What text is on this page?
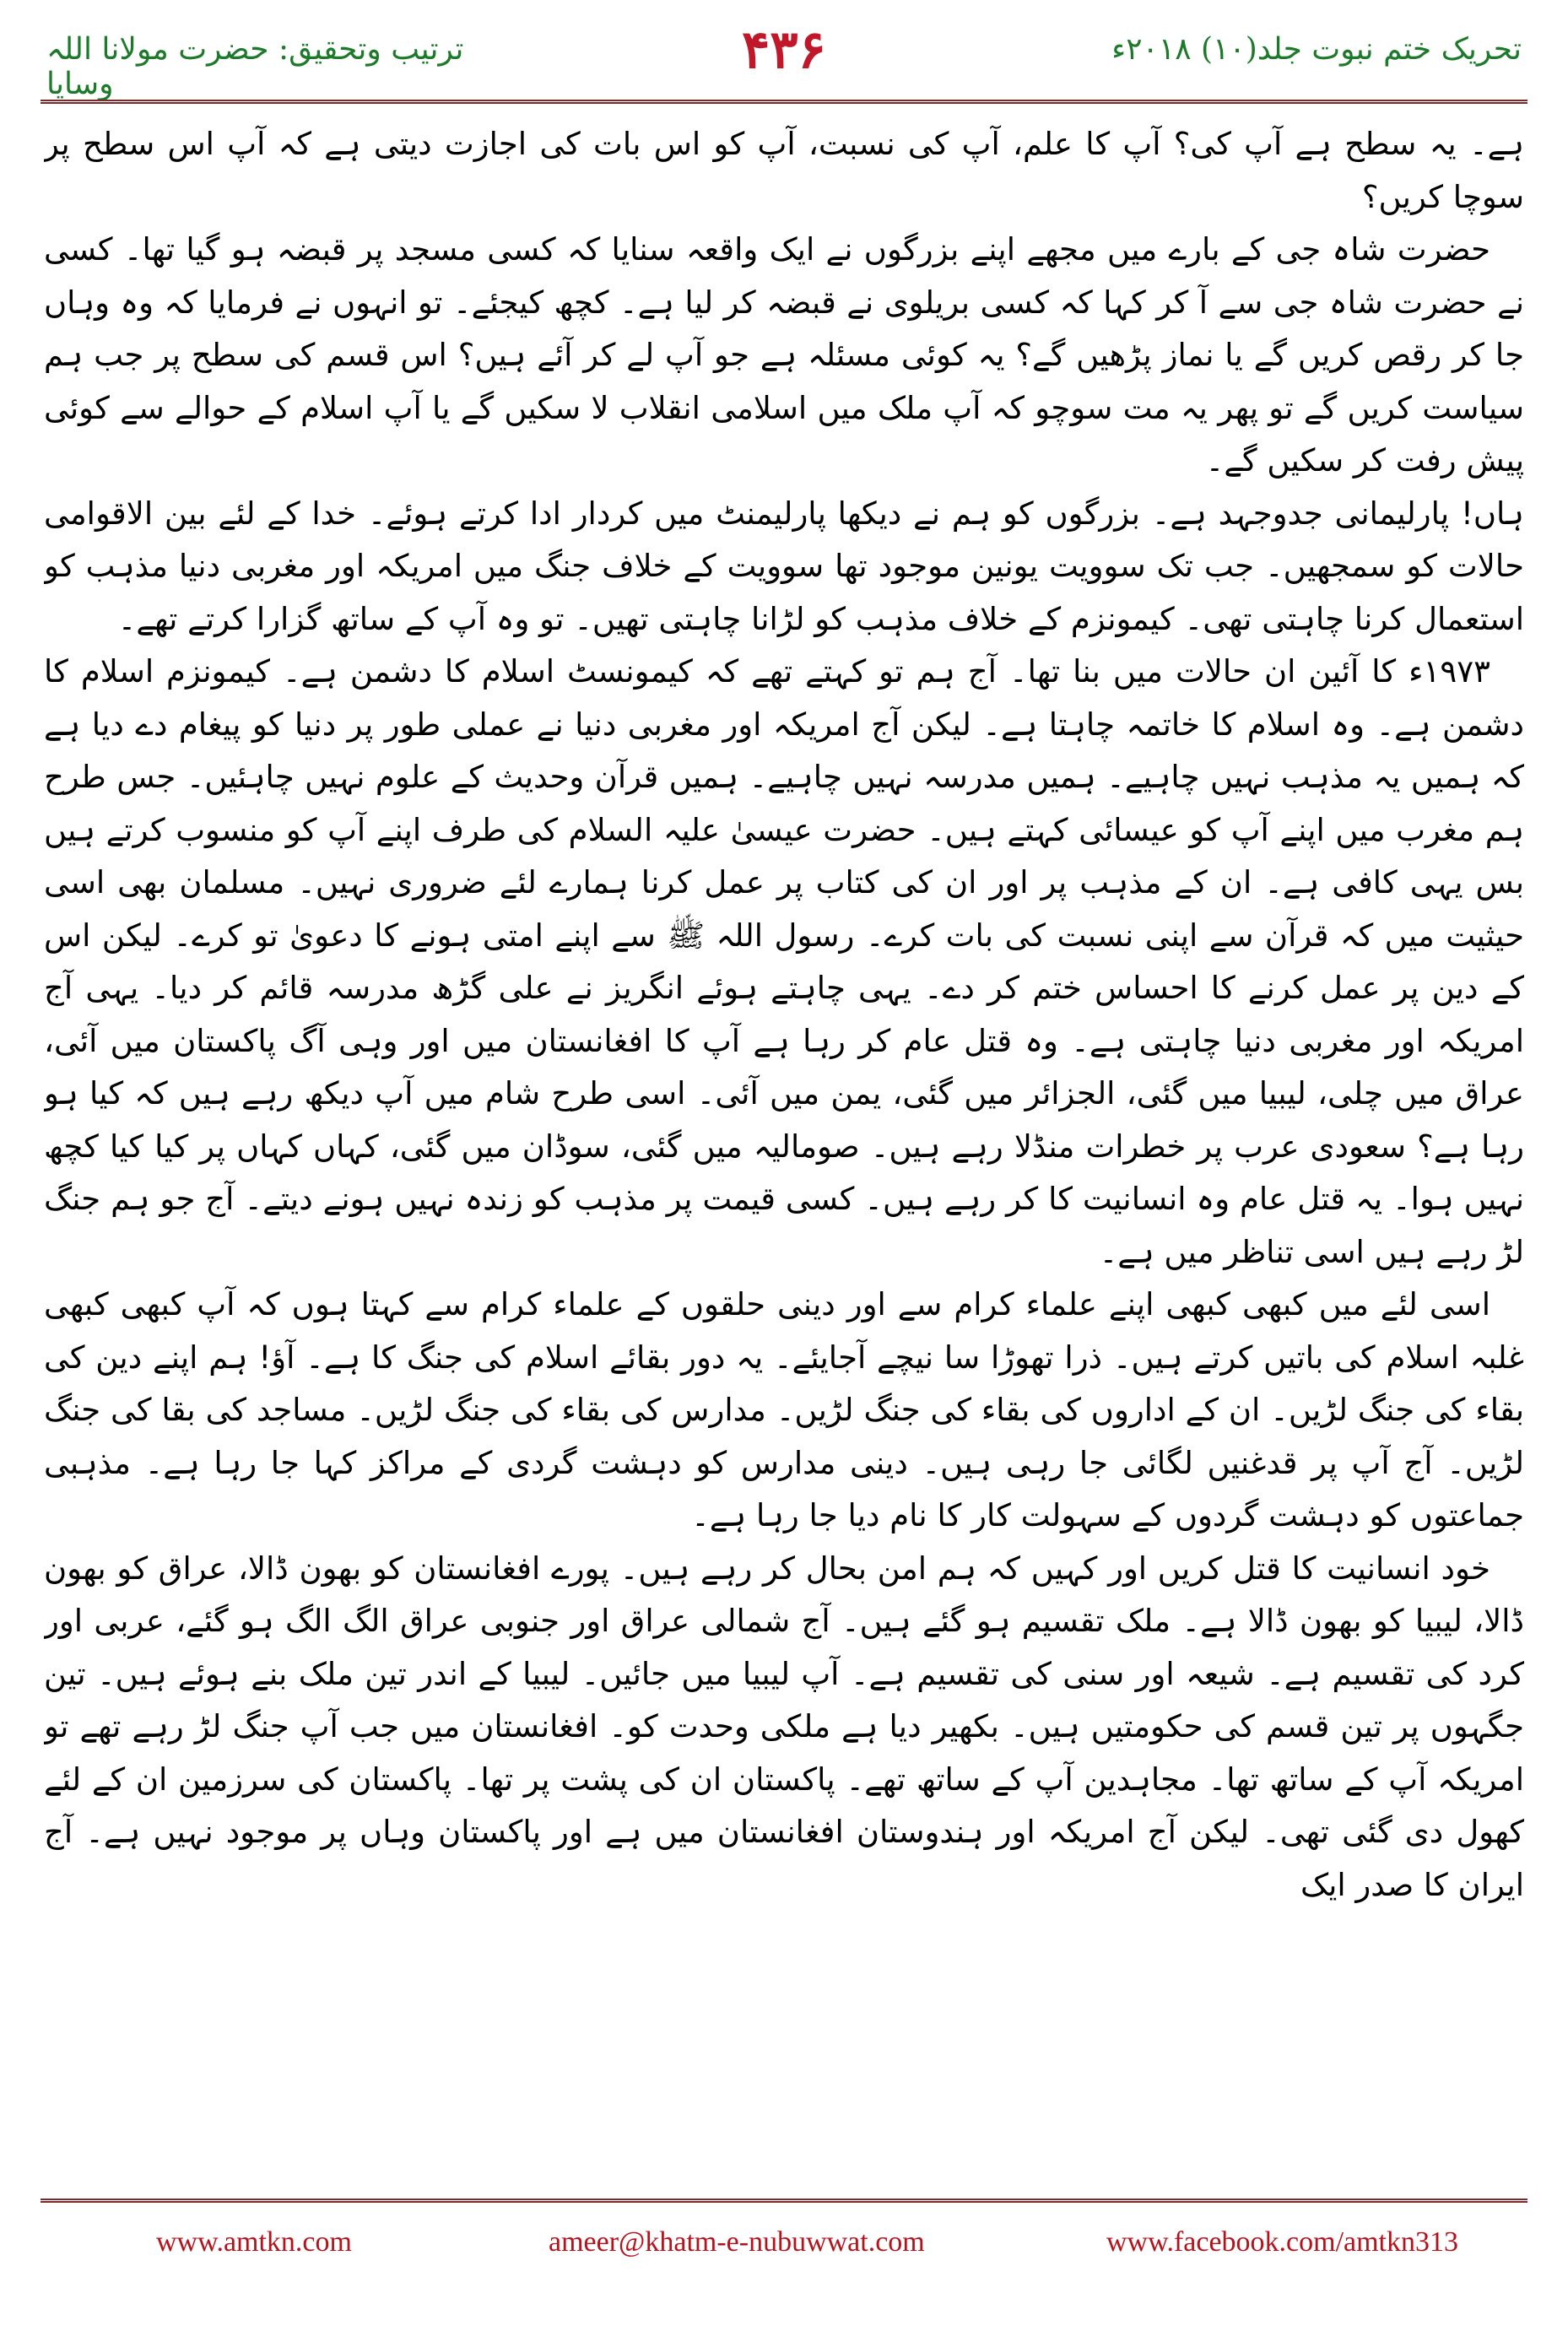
ترتیب وتحقیق: حضرت مولانا اللہ وسایا
۴۳۶	تحریک ختم نبوت جلد(۱۰) ۲۰۱۸ء

ہے۔ یہ سطح ہے آپ کی؟ آپ کا علم، آپ کی نسبت، آپ کو اس بات کی اجازت دیتی ہے کہ آپ اس سطح پر سوچا کریں؟

حضرت شاہ جی کے بارے میں مجھے اپنے بزرگوں نے ایک واقعہ سنایا کہ کسی مسجد پر قبضہ ہو گیا تھا۔ کسی نے حضرت شاہ جی سے آ کر کہا کہ کسی بریلوی نے قبضہ کر لیا ہے۔ کچھ کیجئے۔ تو انہوں نے فرمایا کہ وہ وہاں جا کر رقص کریں گے یا نماز پڑھیں گے؟ یہ کوئی مسئلہ ہے جو آپ لے کر آئے ہیں؟ اس قسم کی سطح پر جب ہم سیاست کریں گے تو پھر یہ مت سوچو کہ آپ ملک میں اسلامی انقلاب لا سکیں گے یا آپ اسلام کے حوالے سے کوئی پیش رفت کر سکیں گے۔

ہاں! پارلیمانی جدوجہد ہے۔ بزرگوں کو ہم نے دیکھا پارلیمنٹ میں کردار ادا کرتے ہوئے۔ خدا کے لئے بین الاقوامی حالات کو سمجھیں۔ جب تک سوویت یونین موجود تھا سوویت کے خلاف جنگ میں امریکہ اور مغربی دنیا مذہب کو استعمال کرنا چاہتی تھی۔ کیمونزم کے خلاف مذہب کو لڑانا چاہتی تھیں۔ تو وہ آپ کے ساتھ گزارا کرتے تھے۔

۱۹۷۳ء کا آئین ان حالات میں بنا تھا۔ آج ہم تو کہتے تھے کہ کیمونسٹ اسلام کا دشمن ہے۔ کیمونزم اسلام کا دشمن ہے۔ وہ اسلام کا خاتمہ چاہتا ہے۔ لیکن آج امریکہ اور مغربی دنیا نے عملی طور پر دنیا کو پیغام دے دیا ہے کہ ہمیں یہ مذہب نہیں چاہیے۔ ہمیں مدرسہ نہیں چاہیے۔ ہمیں قرآن وحدیث کے علوم نہیں چاہئیں۔ جس طرح ہم مغرب میں اپنے آپ کو عیسائی کہتے ہیں۔ حضرت عیسیٰ علیہ السلام کی طرف اپنے آپ کو منسوب کرتے ہیں بس یہی کافی ہے۔ ان کے مذہب پر اور ان کی کتاب پر عمل کرنا ہمارے لئے ضروری نہیں۔ مسلمان بھی اسی حیثیت میں کہ قرآن سے اپنی نسبت کی بات کرے۔ رسول اللہ ﷺ سے اپنے امتی ہونے کا دعویٰ تو کرے۔ لیکن اس کے دین پر عمل کرنے کا احساس ختم کر دے۔ یہی چاہتے ہوئے انگریز نے علی گڑھ مدرسہ قائم کر دیا۔ یہی آج امریکہ اور مغربی دنیا چاہتی ہے۔ وہ قتل عام کر رہا ہے آپ کا افغانستان میں اور وہی آگ پاکستان میں آئی، عراق میں چلی، لیبیا میں گئی، الجزائر میں گئی، یمن میں آئی۔ اسی طرح شام میں آپ دیکھ رہے ہیں کہ کیا ہو رہا ہے؟ سعودی عرب پر خطرات منڈلا رہے ہیں۔ صومالیہ میں گئی، سوڈان میں گئی، کہاں کہاں پر کیا کیا کچھ نہیں ہوا۔ یہ قتل عام وہ انسانیت کا کر رہے ہیں۔ کسی قیمت پر مذہب کو زندہ نہیں ہونے دیتے۔ آج جو ہم جنگ لڑ رہے ہیں اسی تناظر میں ہے۔

اسی لئے میں کبھی کبھی اپنے علماء کرام سے اور دینی حلقوں کے علماء کرام سے کہتا ہوں کہ آپ کبھی کبھی غلبہ اسلام کی باتیں کرتے ہیں۔ ذرا تھوڑا سا نیچے آجایئے۔ یہ دور بقائے اسلام کی جنگ کا ہے۔ آؤ! ہم اپنے دین کی بقاء کی جنگ لڑیں۔ ان کے اداروں کی بقاء کی جنگ لڑیں۔ مدارس کی بقاء کی جنگ لڑیں۔ مساجد کی بقا کی جنگ لڑیں۔ آج آپ پر قدغنیں لگائی جا رہی ہیں۔ دینی مدارس کو دہشت گردی کے مراکز کہا جا رہا ہے۔ مذہبی جماعتوں کو دہشت گردوں کے سہولت کار کا نام دیا جا رہا ہے۔

خود انسانیت کا قتل کریں اور کہیں کہ ہم امن بحال کر رہے ہیں۔ پورے افغانستان کو بھون ڈالا، عراق کو بھون ڈالا، لیبیا کو بھون ڈالا ہے۔ ملک تقسیم ہو گئے ہیں۔ آج شمالی عراق اور جنوبی عراق الگ الگ ہو گئے، عربی اور کرد کی تقسیم ہے۔ شیعہ اور سنی کی تقسیم ہے۔ آپ لیبیا میں جائیں۔ لیبیا کے اندر تین ملک بنے ہوئے ہیں۔ تین جگہوں پر تین قسم کی حکومتیں ہیں۔ بکھیر دیا ہے ملکی وحدت کو۔ افغانستان میں جب آپ جنگ لڑ رہے تھے تو امریکہ آپ کے ساتھ تھا۔ مجاہدین آپ کے ساتھ تھے۔ پاکستان ان کی پشت پر تھا۔ پاکستان کی سرزمین ان کے لئے کھول دی گئی تھی۔ لیکن آج امریکہ اور ہندوستان افغانستان میں ہے اور پاکستان وہاں پر موجود نہیں ہے۔ آج ایران کا صدر ایک

www.amtkn.com	ameer@khatm-e-nubuwwat.com	www.facebook.com/amtkn313
